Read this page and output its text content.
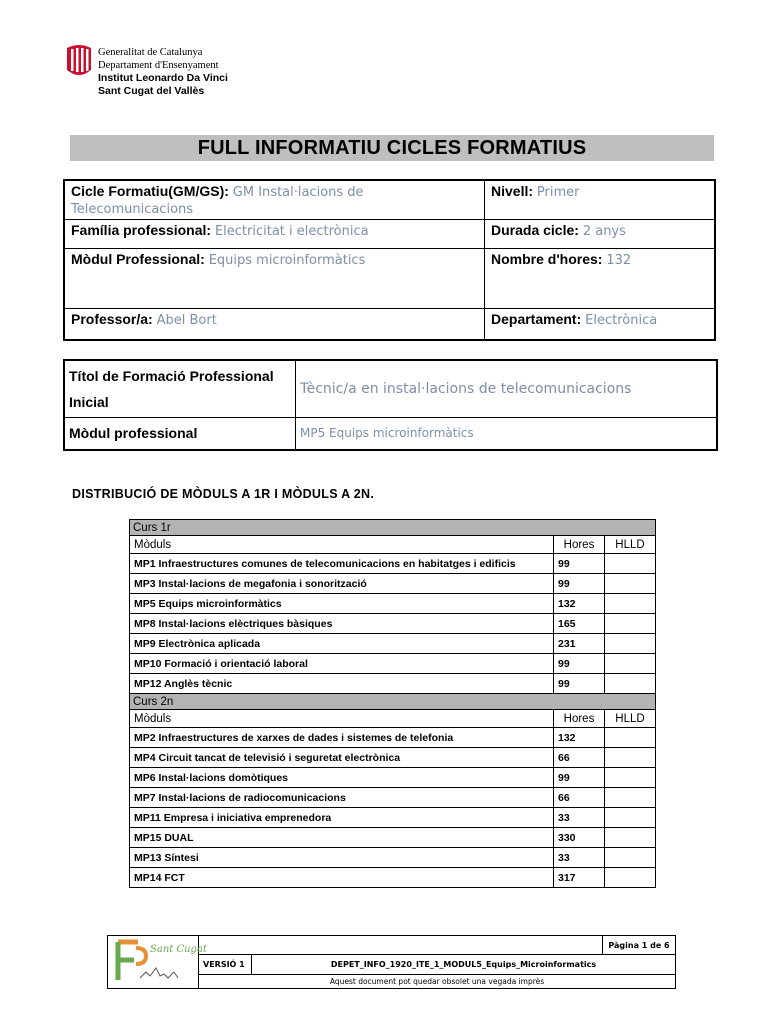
Generalitat de Catalunya
Departament d'Ensenyament
Institut Leonardo Da Vinci
Sant Cugat del Vallès
FULL INFORMATIU CICLES FORMATIUS
Cicle Formatiu(GM/GS): GM Instal·lacions de Telecomunicacions	Nivell: Primer
Família professional: Electricitat i electrònica	Durada cicle: 2 anys
Mòdul Professional: Equips microinformàtics	Nombre d'hores: 132
Professor/a: Abel Bort	Departament: Electrònica
Títol de Formació Professional Inicial	Tècnic/a en instal·lacions de telecomunicacions
Mòdul professional	MP5 Equips microinformàtics
DISTRIBUCIÓ DE MÒDULS A 1R I MÒDULS A 2N.
Curs 1r		
Mòduls	Hores	HLLD
MP1 Infraestructures comunes de telecomunicacions en habitatges i edificis	99	
MP3 Instal·lacions de megafonia i sonorització	99	
MP5 Equips microinformàtics	132	
MP8 Instal·lacions elèctriques bàsiques	165	
MP9 Electrònica aplicada	231	
MP10 Formació i orientació laboral	99	
MP12 Anglès tècnic	99	
Curs 2n		
Mòduls	Hores	HLLD
MP2 Infraestructures de xarxes de dades i sistemes de telefonia	132	
MP4 Circuit tancat de televisió i seguretat electrònica	66	
MP6 Instal·lacions domòtiques	99	
MP7 Instal·lacions de radiocomunicacions	66	
MP11 Empresa i iniciativa emprenedora	33	
MP15 DUAL	330	
MP13 Síntesi	33	
MP14 FCT	317	
Sant Cugat			Pàgina 1 de 6
	VERSIÓ 1	DEPET_INFO_1920_ITE_1_MODUL5_Equips_Microinformatics	
	Aquest document pot quedar obsolet una vegada imprès		
